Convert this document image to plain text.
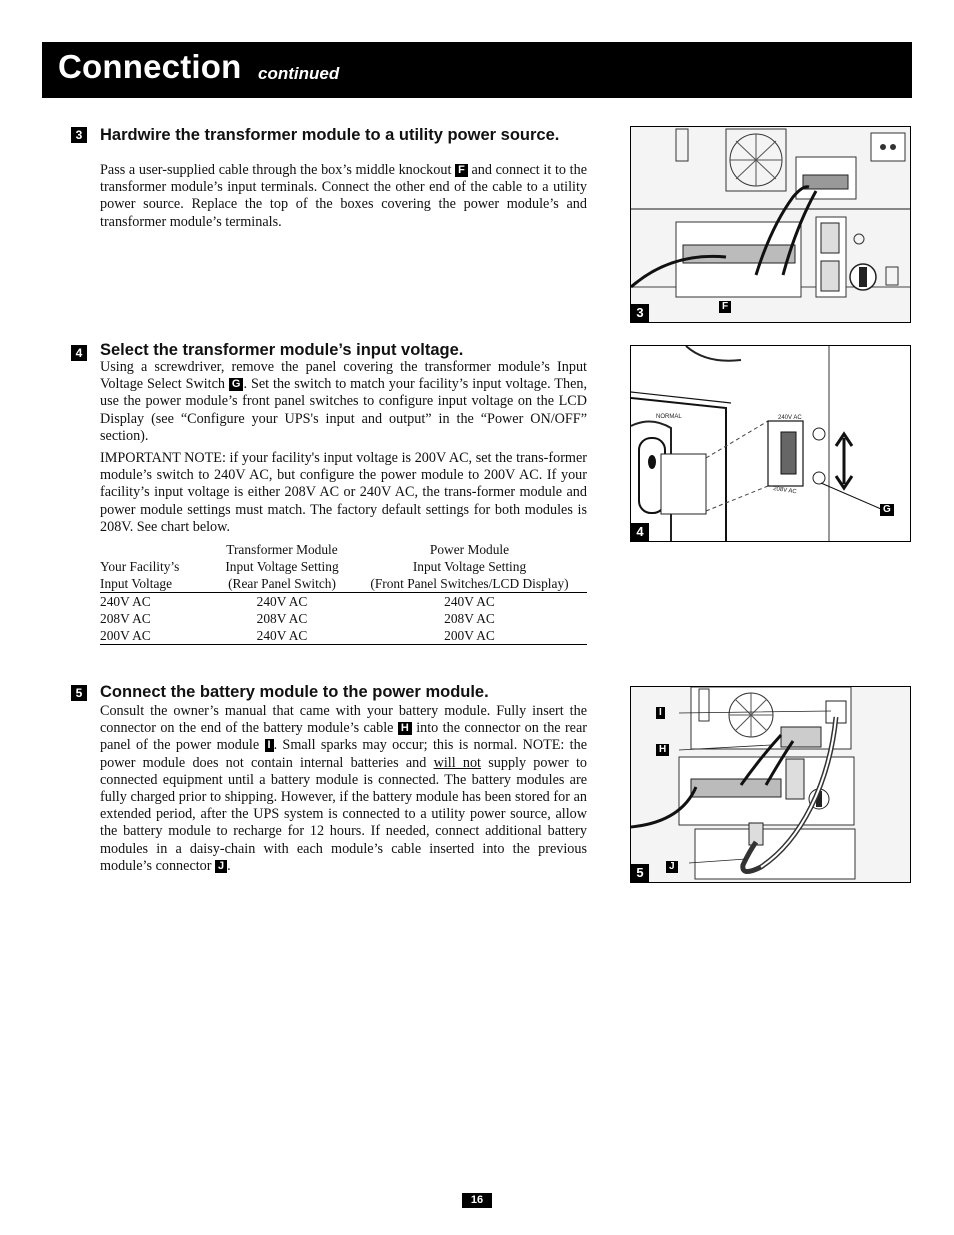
Connection continued
3 Hardwire the transformer module to a utility power source.

Pass a user-supplied cable through the box’s middle knockout F and connect it to the transformer module’s input terminals. Connect the other end of the cable to a utility power source. Replace the top of the boxes covering the power module’s and transformer module’s terminals.

4 Select the transformer module’s input voltage.

Using a screwdriver, remove the panel covering the transformer module’s Input Voltage Select Switch G . Set the switch to match your facility’s input voltage. Then, use the power module’s front panel switches to configure input voltage on the LCD Display (see “Configure your UPS's input and output” in the “Power ON/OFF” section).

IMPORTANT NOTE: if your facility's input voltage is 200V AC, set the trans-former module’s switch to 240V AC, but configure the power module to 200V AC. If your facility’s input voltage is either 208V AC or 240V AC, the trans-former module and power module settings must match. The factory default settings for both modules is 208V. See chart below.

	Transformer Module	Power Module
Your Facility’s	Input Voltage Setting	Input Voltage Setting
Input Voltage	(Rear Panel Switch)	(Front Panel Switches/LCD Display)
240V AC	240V AC	240V AC
208V AC	208V AC	208V AC
200V AC	240V AC	200V AC
5 Connect the battery module to the power module.

Consult the owner’s manual that came with your battery module. Fully insert the connector on the end of the battery module’s cable H into the connector on the rear panel of the power module I . Small sparks may occur; this is normal. NOTE: the power module does not contain internal batteries and will not supply power to connected equipment until a battery module is connected. The battery modules are fully charged prior to shipping. However, if the battery module has been stored for an extended period, after the UPS system is connected to a utility power source, allow the battery module to recharge for 12 hours. If needed, connect additional battery modules in a daisy-chain with each module’s cable inserted into the previous module’s connector J .

3	F
NORMAL	240V AC
208V AC
4
G
5
I
H
J
16
